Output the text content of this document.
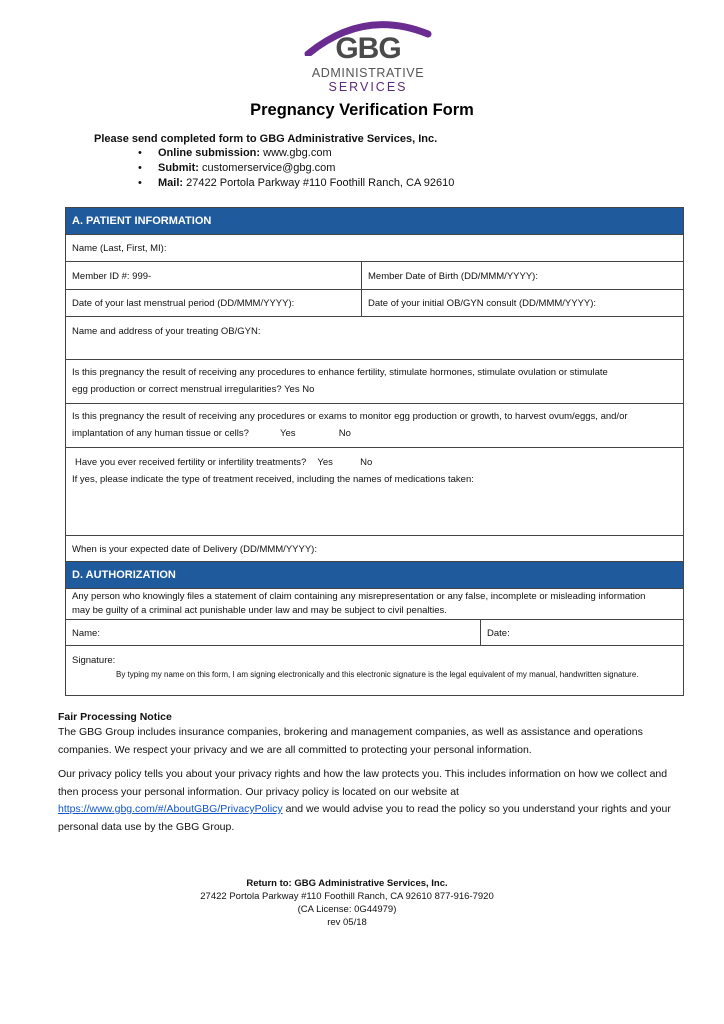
GBG
ADMINISTRATIVE
SERVICES
Pregnancy Verification Form
Please send completed form to GBG Administrative Services, Inc.
• Online submission: www.gbg.com
• Submit: customerservice@gbg.com
• Mail: 27422 Portola Parkway #110 Foothill Ranch, CA 92610
A. PATIENT INFORMATION
Name (Last, First, MI):
Member ID #: 999-	Member Date of Birth (DD/MMM/YYYY):
Date of your last menstrual period (DD/MMM/YYYY):	Date of your initial OB/GYN consult (DD/MMM/YYYY):
Name and address of your treating OB/GYN:
Is this pregnancy the result of receiving any procedures to enhance fertility, stimulate hormones, stimulate ovulation or stimulate
egg production or correct menstrual irregularities? Yes No
Is this pregnancy the result of receiving any procedures or exams to monitor egg production or growth, to harvest ovum/eggs, and/or
implantation of any human tissue or cells?	Yes	No
Have you ever received fertility or infertility treatments? Yes	No
If yes, please indicate the type of treatment received, including the names of medications taken:
When is your expected date of Delivery (DD/MMM/YYYY):
D. AUTHORIZATION
Any person who knowingly files a statement of claim containing any misrepresentation or any false, incomplete or misleading information
may be guilty of a criminal act punishable under law and may be subject to civil penalties.
Name:	Date:
Signature:
By typing my name on this form, I am signing electronically and this electronic signature is the legal equivalent of my manual, handwritten signature.
Fair Processing Notice

The GBG Group includes insurance companies, brokering and management companies, as well as assistance and operations companies. We respect your privacy and we are all committed to protecting your personal information.

Our privacy policy tells you about your privacy rights and how the law protects you. This includes information on how we collect and then process your personal information. Our privacy policy is located on our website at https://www.gbg.com/#/AboutGBG/PrivacyPolicy and we would advise you to read the policy so you understand your rights and your personal data use by the GBG Group.

Return to: GBG Administrative Services, Inc.
27422 Portola Parkway #110 Foothill Ranch, CA 92610 877-916-7920
(CA License: 0G44979)
rev 05/18
